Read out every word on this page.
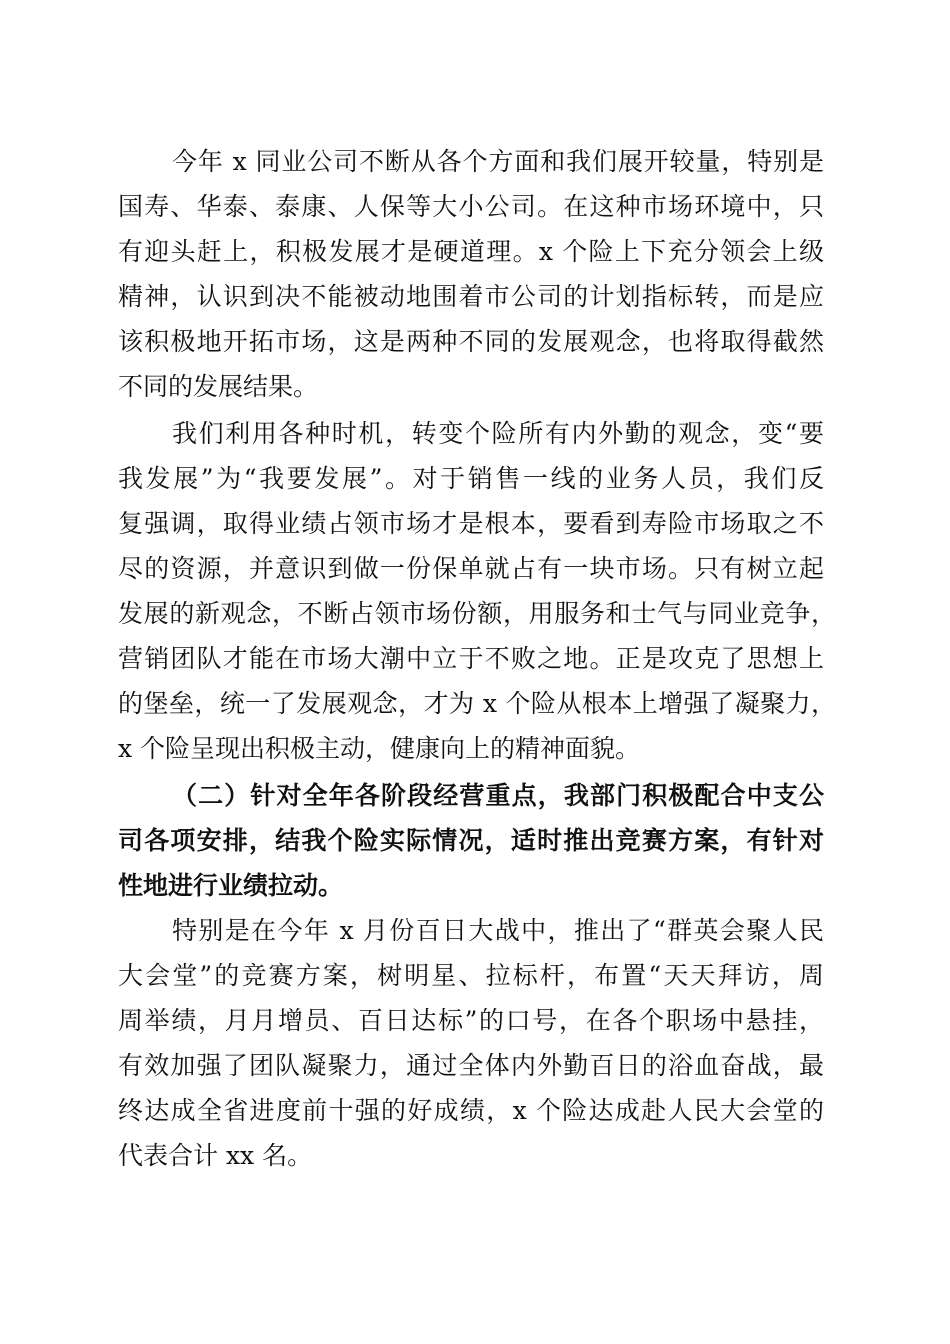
今年 x 同业公司不断从各个方面和我们展开较量，特别是
国寿、华泰、泰康、人保等大小公司。在这种市场环境中，只
有迎头赶上，积极发展才是硬道理。x 个险上下充分领会上级
精神，认识到决不能被动地围着市公司的计划指标转，而是应
该积极地开拓市场，这是两种不同的发展观念，也将取得截然
不同的发展结果。
我们利用各种时机，转变个险所有内外勤的观念，变“要
我发展”为“我要发展”。对于销售一线的业务人员，我们反
复强调，取得业绩占领市场才是根本，要看到寿险市场取之不
尽的资源，并意识到做一份保单就占有一块市场。只有树立起
发展的新观念，不断占领市场份额，用服务和士气与同业竞争，
营销团队才能在市场大潮中立于不败之地。正是攻克了思想上
的堡垒，统一了发展观念，才为 x 个险从根本上增强了凝聚力，
x 个险呈现出积极主动，健康向上的精神面貌。
（二）针对全年各阶段经营重点，我部门积极配合中支公
司各项安排，结我个险实际情况，适时推出竞赛方案，有针对
性地进行业绩拉动。
特别是在今年 x 月份百日大战中，推出了“群英会聚人民
大会堂”的竞赛方案，树明星、拉标杆，布置“天天拜访，周
周举绩，月月增员、百日达标”的口号，在各个职场中悬挂，
有效加强了团队凝聚力，通过全体内外勤百日的浴血奋战，最
终达成全省进度前十强的好成绩，x 个险达成赴人民大会堂的
代表合计 xx 名。
